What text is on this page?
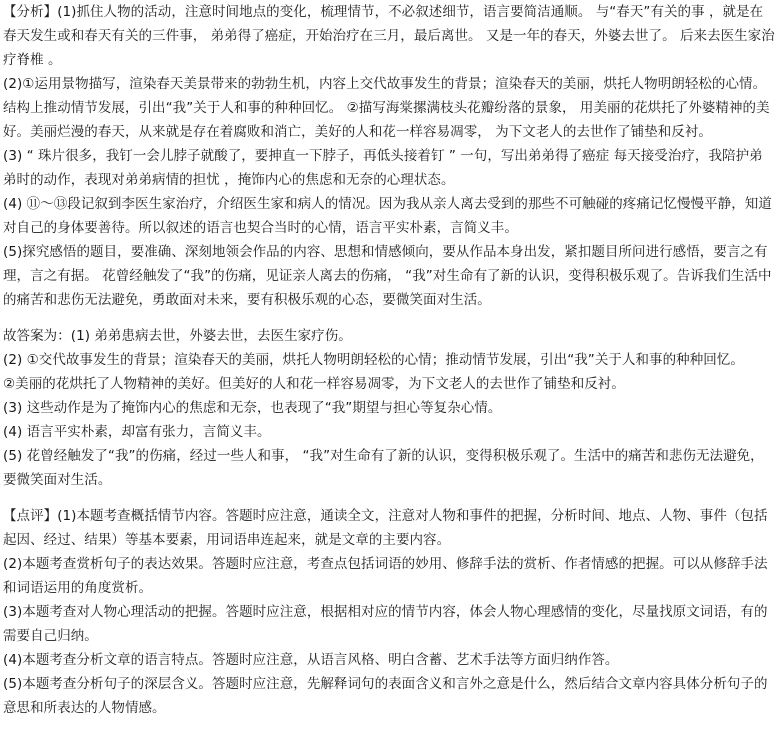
【分析】(1)抓住人物的活动，注意时间地点的变化，梳理情节，不必叙述细节，语言要简洁通顺。 与“春天”有关的事 ，就是在春天发生或和春天有关的三件事， 弟弟得了癌症，开始治疗在三月，最后离世。 又是一年的春天，外婆去世了。 后来去医生家治疗脊椎 。

(2)①运用景物描写，渲染春天美景带来的勃勃生机，内容上交代故事发生的背景；渲染春天的美丽，烘托人物明朗轻松的心情。结构上推动情节发展，引出“我”关于人和事的种种回忆。 ②描写海棠摞满枝头花瓣纷落的景象， 用美丽的花烘托了外婆精神的美好。美丽烂漫的春天，从来就是存在着腐败和消亡，美好的人和花一样容易凋零， 为下文老人的去世作了铺垫和反衬。

(3) “ 珠片很多，我钉一会儿脖子就酸了，要抻直一下脖子，再低头接着钉 ” 一句，写出弟弟得了癌症 每天接受治疗，我陪护弟弟时的动作，表现对弟弟病情的担忧 ，掩饰内心的焦虑和无奈的心理状态。

(4) ⑪～⑬段记叙到李医生家治疗，介绍医生家和病人的情况。因为我从亲人离去受到的那些不可触碰的疼痛记忆慢慢平静，知道对自己的身体要善待。所以叙述的语言也契合当时的心情，语言平实朴素，言简义丰。

(5)探究感悟的题目，要准确、深刻地领会作品的内容、思想和情感倾向，要从作品本身出发，紧扣题目所问进行感悟，要言之有理，言之有据。 花曾经触发了“我”的伤痛，见证亲人离去的伤痛， “我”对生命有了新的认识，变得积极乐观了。告诉我们生活中的痛苦和悲伤无法避免，勇敢面对未来，要有积极乐观的心态，要微笑面对生活。

故答案为：(1) 弟弟患病去世，外婆去世，去医生家疗伤。

(2) ①交代故事发生的背景；渲染春天的美丽，烘托人物明朗轻松的心情；推动情节发展，引出“我”关于人和事的种种回忆。

②美丽的花烘托了人物精神的美好。但美好的人和花一样容易凋零，为下文老人的去世作了铺垫和反衬。

(3) 这些动作是为了掩饰内心的焦虑和无奈，也表现了“我”期望与担心等复杂心情。

(4) 语言平实朴素，却富有张力，言简义丰。

(5) 花曾经触发了“我”的伤痛，经过一些人和事， “我”对生命有了新的认识，变得积极乐观了。生活中的痛苦和悲伤无法避免，要微笑面对生活。

【点评】(1)本题考查概括情节内容。答题时应注意，通读全文，注意对人物和事件的把握，分析时间、地点、人物、事件（包括起因、经过、结果）等基本要素，用词语串连起来，就是文章的主要内容。

(2)本题考查赏析句子的表达效果。答题时应注意，考查点包括词语的妙用、修辞手法的赏析、作者情感的把握。可以从修辞手法和词语运用的角度赏析。

(3)本题考查对人物心理活动的把握。答题时应注意，根据相对应的情节内容，体会人物心理感情的变化，尽量找原文词语，有的需要自己归纳。

(4)本题考查分析文章的语言特点。答题时应注意，从语言风格、明白含蓄、艺术手法等方面归纳作答。

(5)本题考查分析句子的深层含义。答题时应注意，先解释词句的表面含义和言外之意是什么，然后结合文章内容具体分析句子的意思和所表达的人物情感。
